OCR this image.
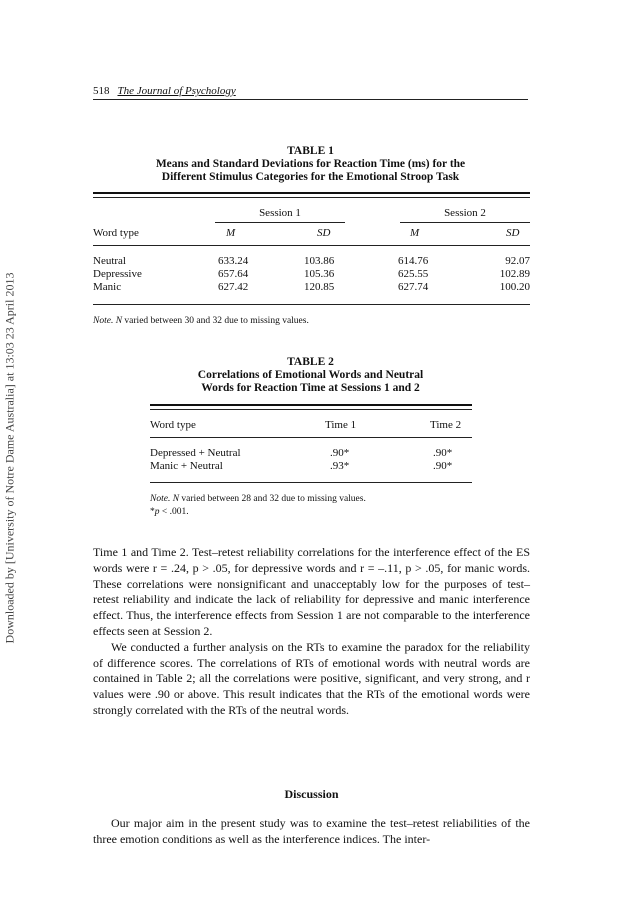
Downloaded by [University of Notre Dame Australia] at 13:03 23 April 2013
518 The Journal of Psychology
TABLE 1
Means and Standard Deviations for Reaction Time (ms) for the
Different Stimulus Categories for the Emotional Stroop Task
Session 1	Session 2
Word type	M	SD	M	SD
Neutral	633.24	103.86	614.76	92.07
Depressive	657.64	105.36	625.55	102.89
Manic	627.42	120.85	627.74	100.20
Note. N varied between 30 and 32 due to missing values.
TABLE 2
Correlations of Emotional Words and Neutral
Words for Reaction Time at Sessions 1 and 2
Word type	Time 1	Time 2
Depressed + Neutral	.90*	.90*
Manic + Neutral	.93*	.90*
Note. N varied between 28 and 32 due to missing values.
*p < .001.

Time 1 and Time 2. Test–retest reliability correlations for the interference effect of the ES words were r = .24, p > .05, for depressive words and r = –.11, p > .05, for manic words. These correlations were nonsignificant and unacceptably low for the purposes of test–retest reliability and indicate the lack of reliability for depressive and manic interference effect. Thus, the interference effects from Session 1 are not comparable to the interference effects seen at Session 2.

We conducted a further analysis on the RTs to examine the paradox for the reliability of difference scores. The correlations of RTs of emotional words with neutral words are contained in Table 2; all the correlations were positive, significant, and very strong, and r values were .90 or above. This result indicates that the RTs of the emotional words were strongly correlated with the RTs of the neutral words.

Discussion

Our major aim in the present study was to examine the test–retest reliabilities of the three emotion conditions as well as the interference indices. The inter-
